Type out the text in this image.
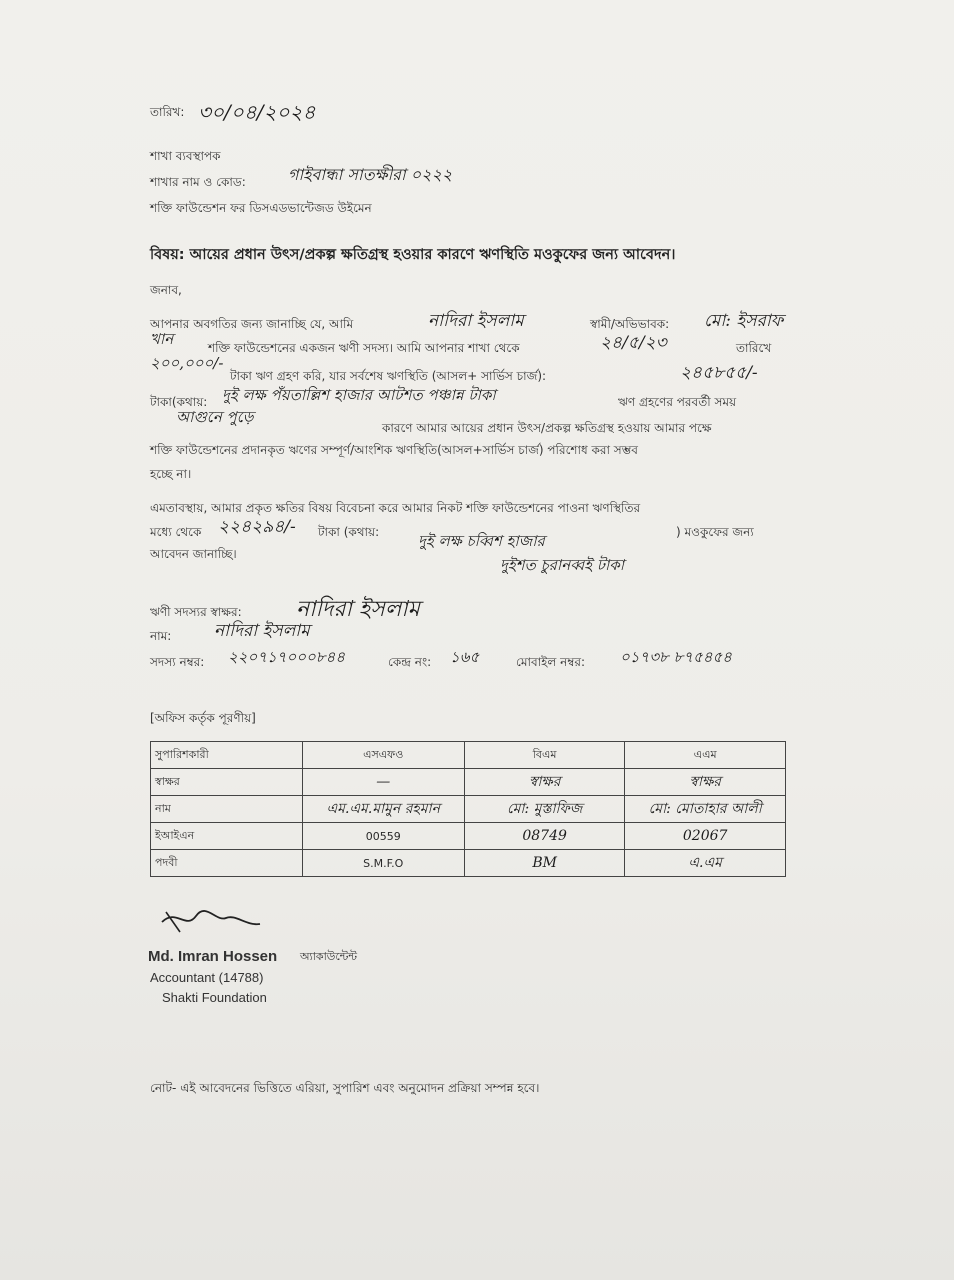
তারিখ: ৩০/০৪/২০২৪
শাখা ব্যবস্থাপক
শাখার নাম ও কোড:	গাইবান্ধা সাতক্ষীরা ০২২২
শক্তি ফাউন্ডেশন ফর ডিসএডভান্টেজড উইমেন
বিষয়: আয়ের প্রধান উৎস/প্রকল্প ক্ষতিগ্রস্থ হওয়ার কারণে ঋণস্থিতি মওকুফের জন্য আবেদন।
জনাব,
আপনার অবগতির জন্য জানাচ্ছি যে, আমি	নাদিরা ইসলাম	স্বামী/অভিভাবক: মো: ইসরাফ
খান	শক্তি ফাউন্ডেশনের একজন ঋণী সদস্য। আমি আপনার শাখা থেকে	২৪/৫/২৩	তারিখে
২০০,০০০/-
টাকা ঋণ গ্রহণ করি, যার সর্বশেষ ঋণস্থিতি (আসল+ সার্ভিস চার্জ):	২৪৫৮৫৫/-
টাকা(কথায়: দুই লক্ষ পঁয়তাল্লিশ হাজার আটশত পঞ্চান্ন টাকা	ঋণ গ্রহণের পরবর্তী সময়
আগুনে পুড়ে
কারণে আমার আয়ের প্রধান উৎস/প্রকল্প ক্ষতিগ্রস্থ হওয়ায় আমার পক্ষে
শক্তি ফাউন্ডেশনের প্রদানকৃত ঋণের সম্পূর্ণ/আংশিক ঋণস্থিতি(আসল+সার্ভিস চার্জ) পরিশোধ করা সম্ভব
হচ্ছে না।
এমতাবস্থায়, আমার প্রকৃত ক্ষতির বিষয় বিবেচনা করে আমার নিকট শক্তি ফাউন্ডেশনের পাওনা ঋণস্থিতির
মধ্যে থেকে ২২৪২৯৪/- টাকা (কথায়:	দুই লক্ষ চব্বিশ হাজার	) মওকুফের জন্য
আবেদন জানাচ্ছি।
দুইশত চুরানব্বই টাকা
ঋণী সদস্যর স্বাক্ষর: নাদিরা ইসলাম
নাম:	নাদিরা ইসলাম
সদস্য নম্বর: ২২০৭১৭০০০৮৪৪	কেন্দ্র নং: ১৬৫	মোবাইল নম্বর: ০১৭৩৮ ৮৭৫৪৫৪
[অফিস কর্তৃক পূরণীয়]
সুপারিশকারী	এসএফও	বিএম	এএম
স্বাক্ষর	—	স্বাক্ষর	স্বাক্ষর
নাম	এম.এম.মামুন রহমান	মো: মুস্তাফিজ	মো: মোতাহার আলী
ইআইএন	00559	08749	02067
পদবী	S.M.F.O	BM	এ.এম
Md. Imran Hossen অ্যাকাউন্টেন্ট
Accountant (14788)
Shakti Foundation
নোট- এই আবেদনের ভিত্তিতে এরিয়া, সুপারিশ এবং অনুমোদন প্রক্রিয়া সম্পন্ন হবে।
